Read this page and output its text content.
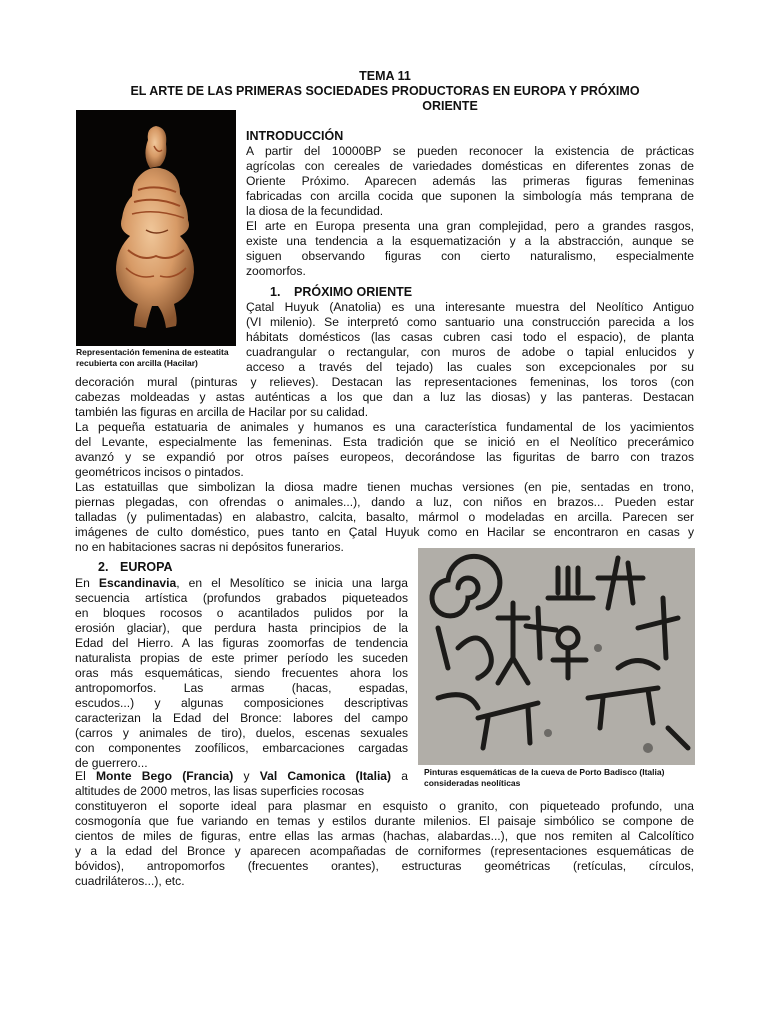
TEMA 11
EL ARTE DE LAS PRIMERAS SOCIEDADES PRODUCTORAS EN EUROPA Y PRÓXIMO
ORIENTE
Representación femenina de esteatita
recubierta con arcilla (Hacilar)
INTRODUCCIÓN
A partir del 10000BP se pueden reconocer la existencia de prácticas
agrícolas con cereales de variedades domésticas en diferentes zonas de
Oriente Próximo. Aparecen además las primeras figuras femeninas
fabricadas con arcilla cocida que suponen la simbología más temprana de
la diosa de la fecundidad.
El arte en Europa presenta una gran complejidad, pero a grandes rasgos,
existe una tendencia a la esquematización y a la abstracción, aunque se
siguen observando figuras con cierto naturalismo, especialmente
zoomorfos.
1. PRÓXIMO ORIENTE
Çatal Huyuk (Anatolia) es una interesante muestra del Neolítico Antiguo
(VI milenio). Se interpretó como santuario una construcción parecida a los
hábitats domésticos (las casas cubren casi todo el espacio), de planta
cuadrangular o rectangular, con muros de adobe o tapial enlucidos y
acceso a través del tejado) las cuales son excepcionales por su
decoración mural (pinturas y relieves). Destacan las representaciones femeninas, los toros (con
cabezas moldeadas y astas auténticas a los que dan a luz las diosas) y las panteras. Destacan
también las figuras en arcilla de Hacilar por su calidad.
La pequeña estatuaria de animales y humanos es una característica fundamental de los yacimientos
del Levante, especialmente las femeninas. Esta tradición que se inició en el Neolítico precerámico
avanzó y se expandió por otros países europeos, decorándose las figuritas de barro con trazos
geométricos incisos o pintados.
Las estatuillas que simbolizan la diosa madre tienen muchas versiones (en pie, sentadas en trono,
piernas plegadas, con ofrendas o animales...), dando a luz, con niños en brazos... Pueden estar
talladas (y pulimentadas) en alabastro, calcita, basalto, mármol o modeladas en arcilla. Parecen ser
imágenes de culto doméstico, pues tanto en Çatal Huyuk como en Hacilar se encontraron en casas y
no en habitaciones sacras ni depósitos funerarios.
2. EUROPA
En Escandinavia, en el Mesolítico se inicia una larga
secuencia artística (profundos grabados piqueteados
en bloques rocosos o acantilados pulidos por la
erosión glaciar), que perdura hasta principios de la
Edad del Hierro. A las figuras zoomorfas de tendencia
naturalista propias de este primer período les suceden
oras más esquemáticas, siendo frecuentes ahora los
antropomorfos. Las armas (hacas, espadas,
escudos...) y algunas composiciones descriptivas
caracterizan la Edad del Bronce: labores del campo
(carros y animales de tiro), duelos, escenas sexuales
con componentes zoofílicos, embarcaciones cargadas
de guerrero...
El Monte Bego (Francia) y Val Camonica (Italia) a
altitudes de 2000 metros, las lisas superficies rocosas
constituyeron el soporte ideal para plasmar en esquisto o granito, con piqueteado profundo, una
cosmogonía que fue variando en temas y estilos durante milenios. El paisaje simbólico se compone de
cientos de miles de figuras, entre ellas las armas (hachas, alabardas...), que nos remiten al Calcolítico
y a la edad del Bronce y aparecen acompañadas de corniformes (representaciones esquemáticas de
bóvidos), antropomorfos (frecuentes orantes), estructuras geométricas (retículas, círculos,
cuadriláteros...), etc.
Pinturas esquemáticas de la cueva de Porto Badisco (Italia)
consideradas neolíticas
